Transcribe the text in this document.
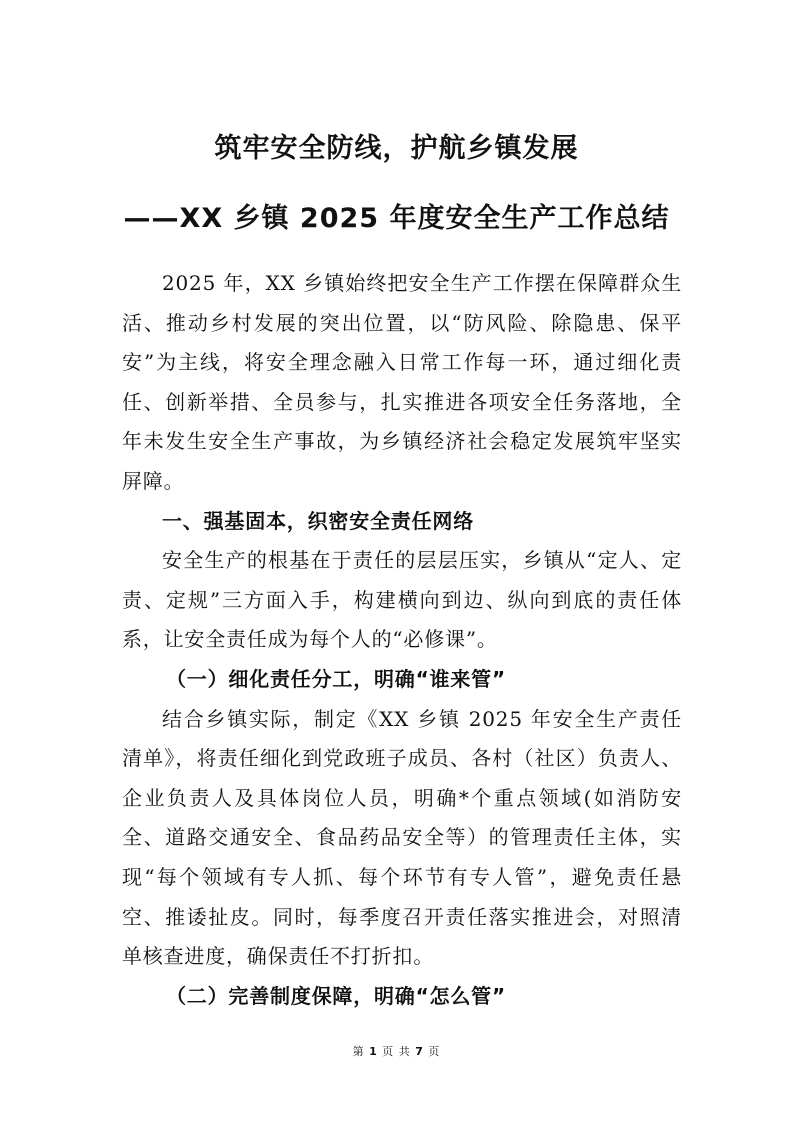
筑牢安全防线，护航乡镇发展
——XX 乡镇 2025 年度安全生产工作总结

2025 年，XX 乡镇始终把安全生产工作摆在保障群众生活、推动乡村发展的突出位置，以“防风险、除隐患、保平安”为主线，将安全理念融入日常工作每一环，通过细化责任、创新举措、全员参与，扎实推进各项安全任务落地，全年未发生安全生产事故，为乡镇经济社会稳定发展筑牢坚实屏障。

一、强基固本，织密安全责任网络

安全生产的根基在于责任的层层压实，乡镇从“定人、定责、定规”三方面入手，构建横向到边、纵向到底的责任体系，让安全责任成为每个人的“必修课”。

（一）细化责任分工，明确“谁来管”

结合乡镇实际，制定《XX 乡镇 2025 年安全生产责任清单》，将责任细化到党政班子成员、各村（社区）负责人、企业负责人及具体岗位人员，明确*个重点领域(如消防安全、道路交通安全、食品药品安全等）的管理责任主体，实现“每个领域有专人抓、每个环节有专人管”，避免责任悬空、推诿扯皮。同时，每季度召开责任落实推进会，对照清单核查进度，确保责任不打折扣。

（二）完善制度保障，明确“怎么管”

第 1 页 共 7 页
